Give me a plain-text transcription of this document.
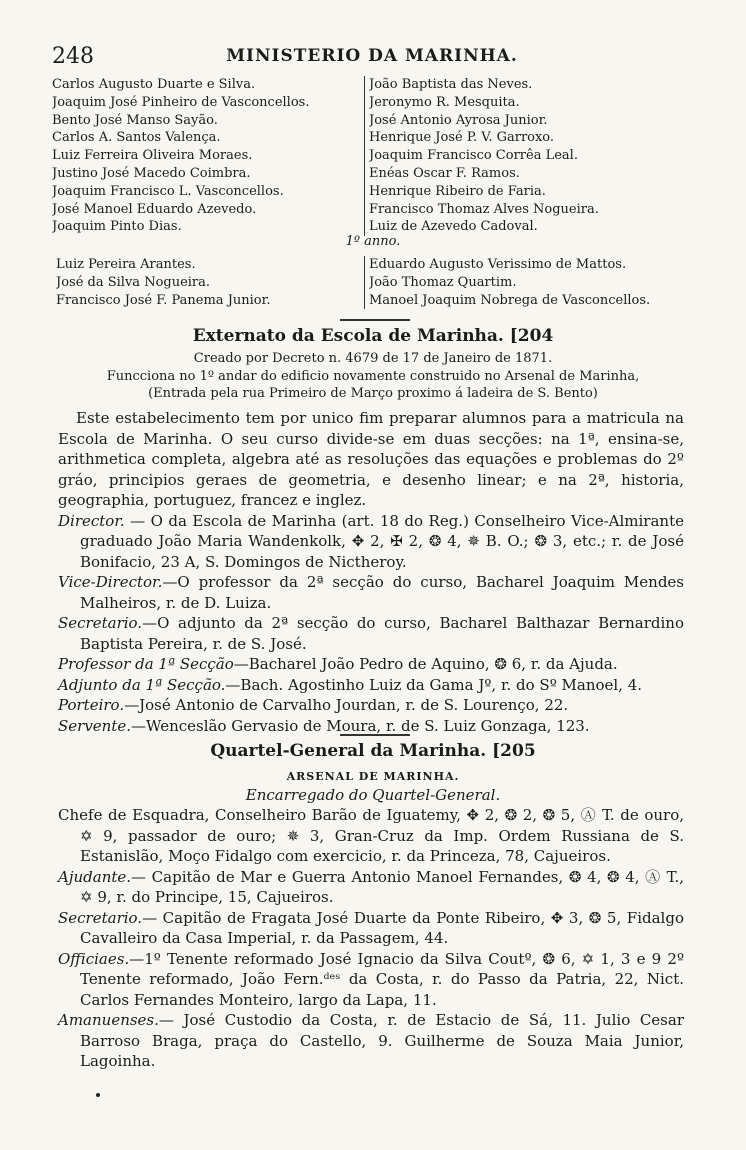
248	MINISTERIO DA MARINHA.
Carlos Augusto Duarte e Silva.
Joaquim José Pinheiro de Vasconcellos.
Bento José Manso Sayão.
Carlos A. Santos Valença.
Luiz Ferreira Oliveira Moraes.
Justino José Macedo Coimbra.
Joaquim Francisco L. Vasconcellos.
José Manoel Eduardo Azevedo.
Joaquim Pinto Dias.
João Baptista das Neves.
Jeronymo R. Mesquita.
José Antonio Ayrosa Junior.
Henrique José P. V. Garroxo.
Joaquim Francisco Corrêa Leal.
Enéas Oscar F. Ramos.
Henrique Ribeiro de Faria.
Francisco Thomaz Alves Nogueira.
Luiz de Azevedo Cadoval.
1º anno.
Luiz Pereira Arantes.
José da Silva Nogueira.
Francisco José F. Panema Junior.
Eduardo Augusto Verissimo de Mattos.
João Thomaz Quartim.
Manoel Joaquim Nobrega de Vasconcellos.
Externato da Escola de Marinha. [204
Creado por Decreto n. 4679 de 17 de Janeiro de 1871.
Funcciona no 1º andar do edificio novamente construido no Arsenal de Marinha,
(Entrada pela rua Primeiro de Março proximo á ladeira de S. Bento)

Este estabelecimento tem por unico fim preparar alumnos para a matricula na Escola de Marinha. O seu curso divide-se em duas secções: na 1ª, ensina-se, arithmetica completa, algebra até as resoluções das equações e problemas do 2º gráo, principios geraes de geometria, e desenho linear; e na 2ª, historia, geographia, portuguez, francez e inglez.

Director. — O da Escola de Marinha (art. 18 do Reg.) Conselheiro Vice-Almirante graduado João Maria Wandenkolk, ✥ 2, ✠ 2, ❂ 4, ✵ B. O.; ❂ 3, etc.; r. de José Bonifacio, 23 A, S. Domingos de Nictheroy.

Vice-Director.—O professor da 2ª secção do curso, Bacharel Joaquim Mendes Malheiros, r. de D. Luiza.

Secretario.—O adjunto da 2ª secção do curso, Bacharel Balthazar Bernardino Baptista Pereira, r. de S. José.

Professor da 1ª Secção—Bacharel João Pedro de Aquino, ❂ 6, r. da Ajuda.

Adjunto da 1ª Secção.—Bach. Agostinho Luiz da Gama Jº, r. do Sº Manoel, 4.

Porteiro.—José Antonio de Carvalho Jourdan, r. de S. Lourenço, 22.

Servente.—Wenceslão Gervasio de Moura, r. de S. Luiz Gonzaga, 123.

Quartel-General da Marinha. [205
ARSENAL DE MARINHA.
Encarregado do Quartel-General.

Chefe de Esquadra, Conselheiro Barão de Iguatemy, ✥ 2, ❂ 2, ❂ 5, Ⓐ T. de ouro, ✡ 9, passador de ouro; ✵ 3, Gran-Cruz da Imp. Ordem Russiana de S. Estanislão, Moço Fidalgo com exercicio, r. da Princeza, 78, Cajueiros.

Ajudante.— Capitão de Mar e Guerra Antonio Manoel Fernandes, ❂ 4, ❂ 4, Ⓐ T., ✡ 9, r. do Principe, 15, Cajueiros.

Secretario.— Capitão de Fragata José Duarte da Ponte Ribeiro, ✥ 3, ❂ 5, Fidalgo Cavalleiro da Casa Imperial, r. da Passagem, 44.

Officiaes.—1º Tenente reformado José Ignacio da Silva Coutº, ❂ 6, ✡ 1, 3 e 9 2º Tenente reformado, João Fern.ᵈᵉˢ da Costa, r. do Passo da Patria, 22, Nict. Carlos Fernandes Monteiro, largo da Lapa, 11.

Amanuenses.— José Custodio da Costa, r. de Estacio de Sá, 11. Julio Cesar Barroso Braga, praça do Castello, 9. Guilherme de Souza Maia Junior, Lagoinha.
